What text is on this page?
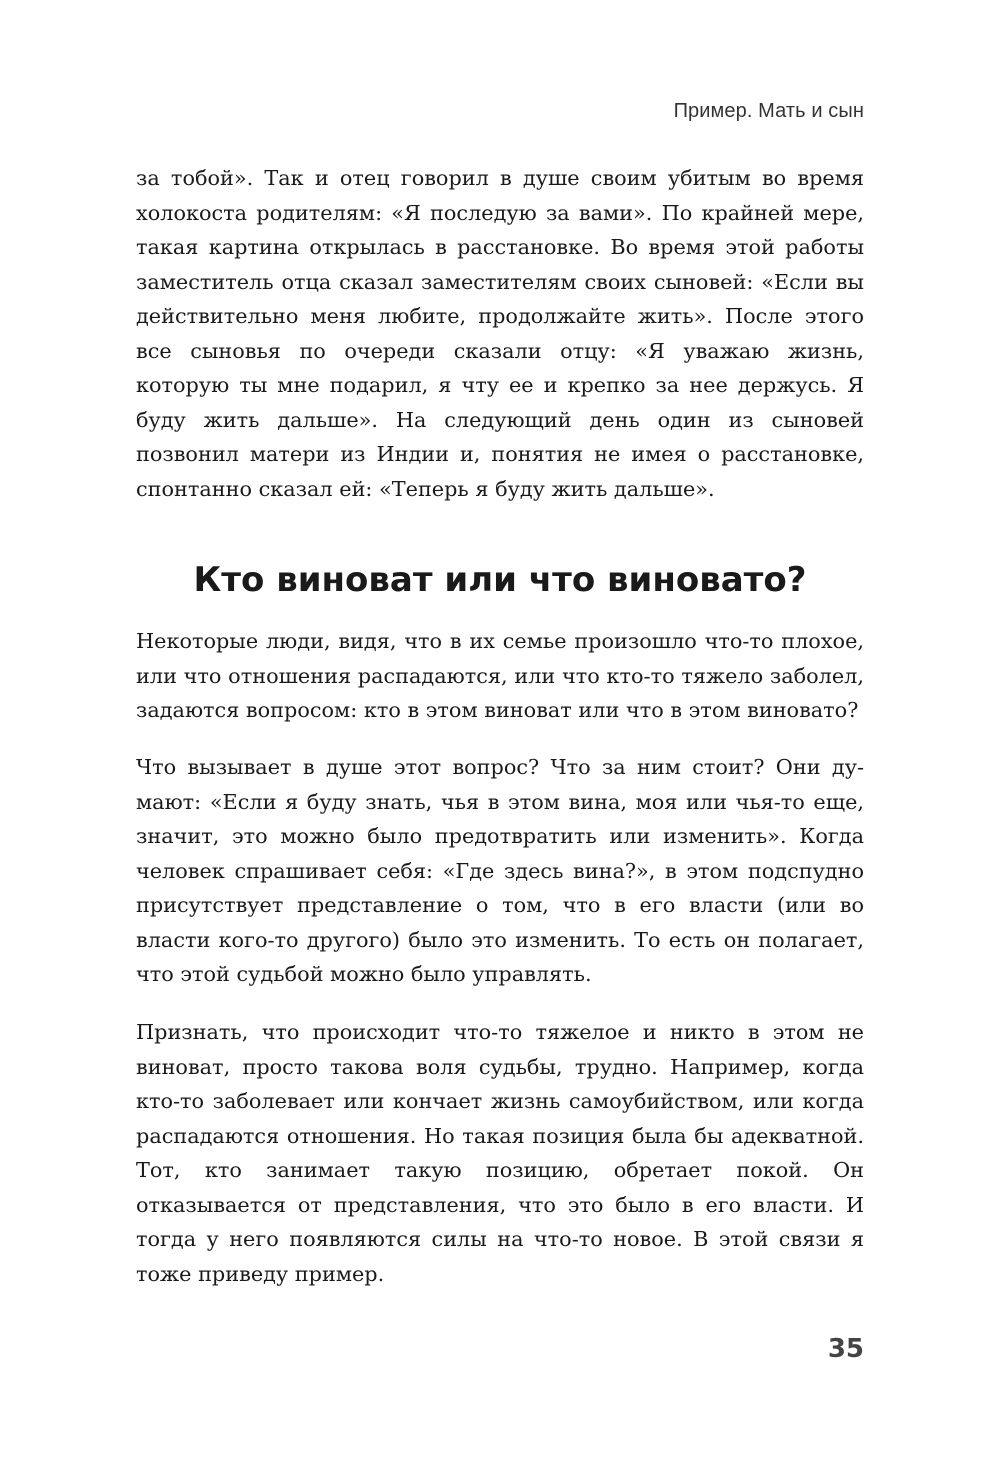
Пример. Мать и сын

за тобой». Так и отец говорил в душе своим убитым во время холокоста родителям: «Я последую за вами». По крайней мере, такая картина открылась в расстановке. Во время этой работы заместитель отца сказал заместителям своих сыновей: «Если вы действительно меня любите, продолжайте жить». После этого все сыновья по очереди сказали отцу: «Я уважаю жизнь, которую ты мне подарил, я чту ее и крепко за нее держусь. Я буду жить дальше». На следующий день один из сыновей позвонил матери из Индии и, понятия не имея о расстановке, спонтанно сказал ей: «Теперь я буду жить дальше».

Кто виноват или что виновато?

Некоторые люди, видя, что в их семье произошло что-то плохое, или что отношения распадаются, или что кто-то тяжело заболел, задаются вопросом: кто в этом виноват или что в этом виновато?

Что вызывает в душе этот вопрос? Что за ним стоит? Они думают: «Если я буду знать, чья в этом вина, моя или чья-то еще, значит, это можно было предотвратить или изменить». Когда человек спрашивает себя: «Где здесь вина?», в этом подспудно присутствует представление о том, что в его власти (или во власти кого-то другого) было это изменить. То есть он полагает, что этой судьбой можно было управлять.

Признать, что происходит что-то тяжелое и никто в этом не виноват, просто такова воля судьбы, трудно. Например, когда кто-то заболевает или кончает жизнь самоубийством, или когда распадаются отношения. Но такая позиция была бы адекватной. Тот, кто занимает такую позицию, обретает покой. Он отказывается от представления, что это было в его власти. И тогда у него появляются силы на что-то новое. В этой связи я тоже приведу пример.

35
